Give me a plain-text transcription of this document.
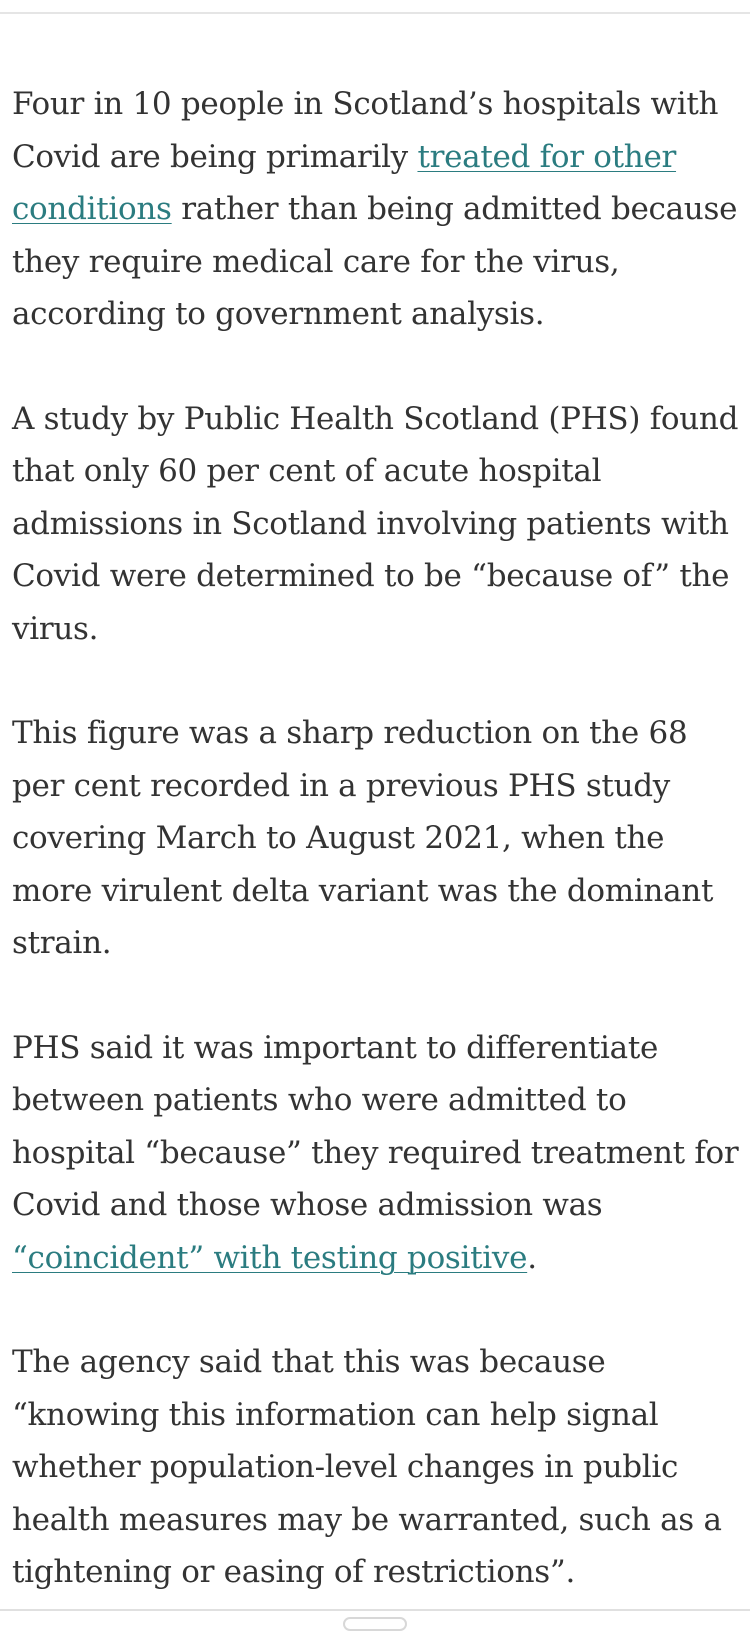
Four in 10 people in Scotland’s hospitals with Covid are being primarily treated for other conditions rather than being admitted because they require medical care for the virus, according to government analysis.

A study by Public Health Scotland (PHS) found that only 60 per cent of acute hospital admissions in Scotland involving patients with Covid were determined to be “because of” the virus.

This figure was a sharp reduction on the 68 per cent recorded in a previous PHS study covering March to August 2021, when the more virulent delta variant was the dominant strain.

PHS said it was important to differentiate between patients who were admitted to hospital “because” they required treatment for Covid and those whose admission was “coincident” with testing positive.

The agency said that this was because “knowing this information can help signal whether population-level changes in public health measures may be warranted, such as a tightening or easing of restrictions”.
